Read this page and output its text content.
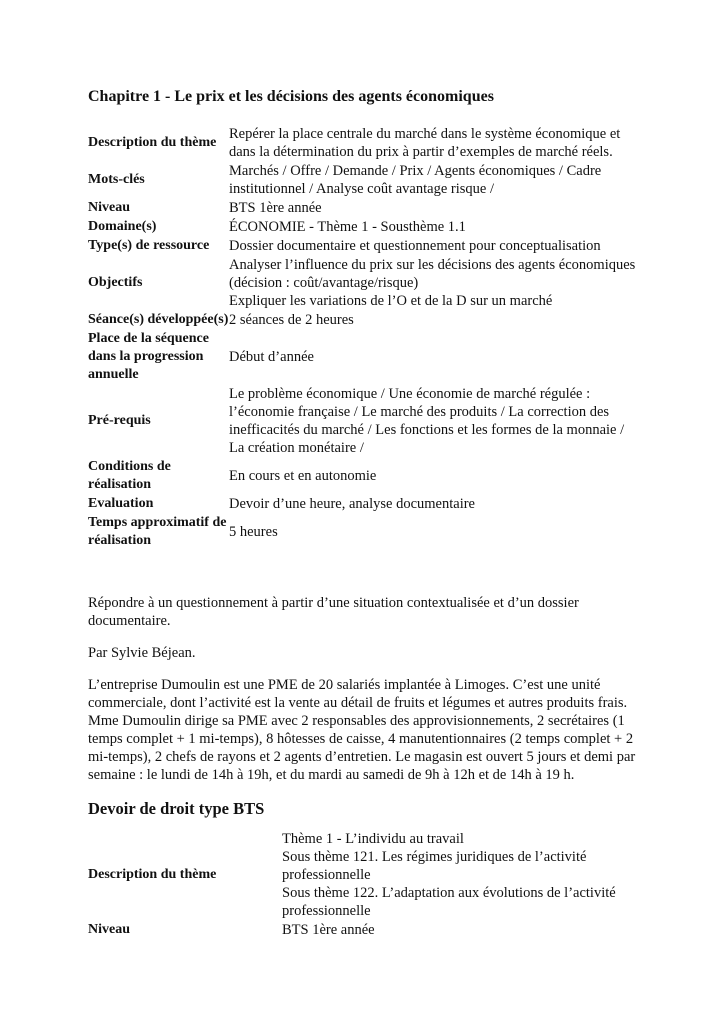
Chapitre 1 - Le prix et les décisions des agents économiques
Description du thème	Repérer la place centrale du marché dans le système économique et
dans la détermination du prix à partir d’exemples de marché réels.

Mots-clés	Marchés / Offre / Demande / Prix / Agents économiques / Cadre
institutionnel / Analyse coût avantage risque /

Niveau	BTS 1ère année

Domaine(s)	ÉCONOMIE - Thème 1 - Sousthème 1.1

Type(s) de ressource	Dossier documentaire et questionnement pour conceptualisation

Objectifs	Analyser l’influence du prix sur les décisions des agents économiques
(décision : coût/avantage/risque)
Expliquer les variations de l’O et de la D sur un marché

Séance(s) développée(s)	2 séances de 2 heures

Place de la séquence dans la progression annuelle	Début d’année

Pré-requis	Le problème économique / Une économie de marché régulée :
l’économie française / Le marché des produits / La correction des
inefficacités du marché / Les fonctions et les formes de la monnaie /
La création monétaire /

Conditions de réalisation	En cours et en autonomie

Evaluation	Devoir d’une heure, analyse documentaire

Temps approximatif de réalisation	5 heures

Répondre à un questionnement à partir d’une situation contextualisée et d’un dossier documentaire.

Par Sylvie Béjean.

L’entreprise Dumoulin est une PME de 20 salariés implantée à Limoges. C’est une unité commerciale, dont l’activité est la vente au détail de fruits et légumes et autres produits frais. Mme Dumoulin dirige sa PME avec 2 responsables des approvisionnements, 2 secrétaires (1 temps complet + 1 mi-temps), 8 hôtesses de caisse, 4 manutentionnaires (2 temps complet + 2 mi-temps), 2 chefs de rayons et 2 agents d’entretien. Le magasin est ouvert 5 jours et demi par semaine : le lundi de 14h à 19h, et du mardi au samedi de 9h à 12h et de 14h à 19 h.

Devoir de droit type BTS
Description du thème	Thème 1 - L’individu au travail
Sous thème 121. Les régimes juridiques de l’activité
professionnelle
Sous thème 122. L’adaptation aux évolutions de l’activité
professionnelle

Niveau	BTS 1ère année
